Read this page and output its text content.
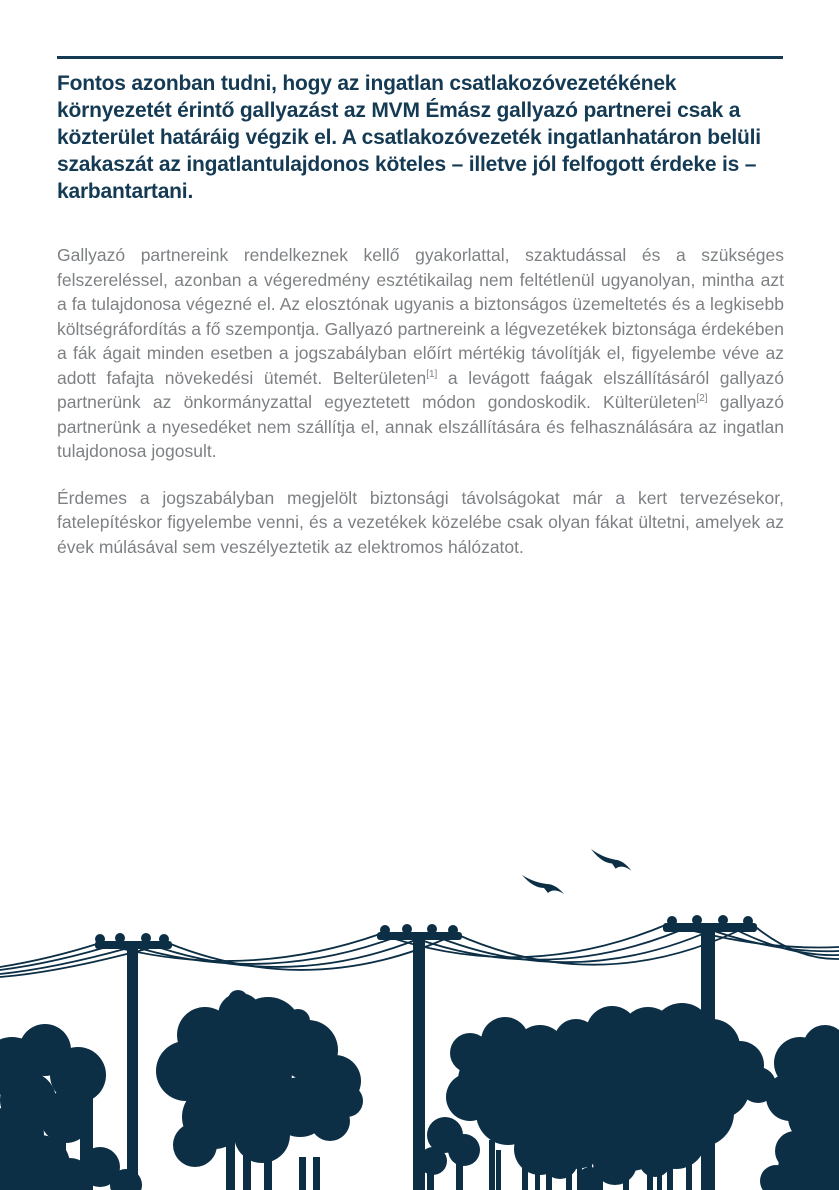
Fontos azonban tudni, hogy az ingatlan csatlakozóvezetékének környezetét érintő gallyazást az MVM Émász gallyazó partnerei csak a közterület határáig végzik el. A csatlakozóvezeték ingatlanhatáron belüli szakaszát az ingatlantulajdonos köteles – illetve jól felfogott érdeke is – karbantartani.

Gallyazó partnereink rendelkeznek kellő gyakorlattal, szaktudással és a szükséges felszereléssel, azonban a végeredmény esztétikailag nem feltétlenül ugyanolyan, mintha azt a fa tulajdonosa végezné el. Az elosztónak ugyanis a biztonságos üzemeltetés és a legkisebb költségráfordítás a fő szempontja. Gallyazó partnereink a légvezetékek biztonsága érdekében a fák ágait minden esetben a jogszabályban előírt mértékig távolítják el, figyelembe véve az adott fafajta növekedési ütemét. Belterületen[1] a levágott faágak elszállításáról gallyazó partnerünk az önkormányzattal egyeztetett módon gondoskodik. Külterületen[2] gallyazó partnerünk a nyesedéket nem szállítja el, annak elszállítására és felhasználására az ingatlan tulajdonosa jogosult.

Érdemes a jogszabályban megjelölt biztonsági távolságokat már a kert tervezésekor, fatelepítéskor figyelembe venni, és a vezetékek közelébe csak olyan fákat ültetni, amelyek az évek múlásával sem veszélyeztetik az elektromos hálózatot.
